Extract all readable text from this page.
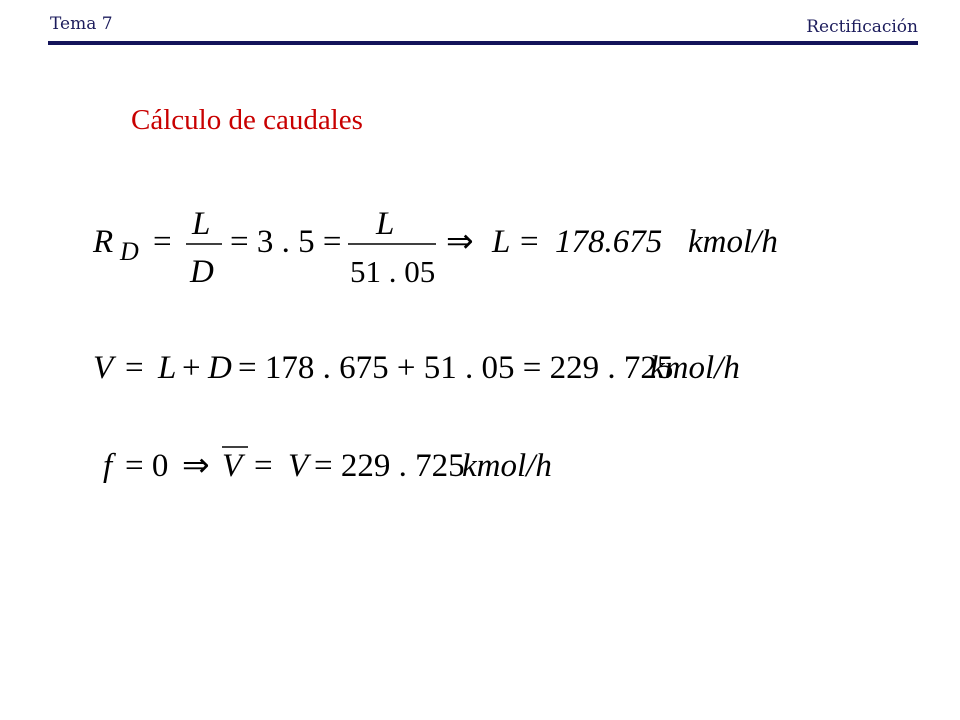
Tema 7	Rectificación
Cálculo de caudales
R D = L
D
= 3 . 5 = L
51 . 05
⇒ L = 178.675 kmol/h
V = L + D = 178 . 675 + 51 . 05 = 229 . 725
kmol/h
f = 0 ⇒ V = V = 229 . 725
kmol/h
